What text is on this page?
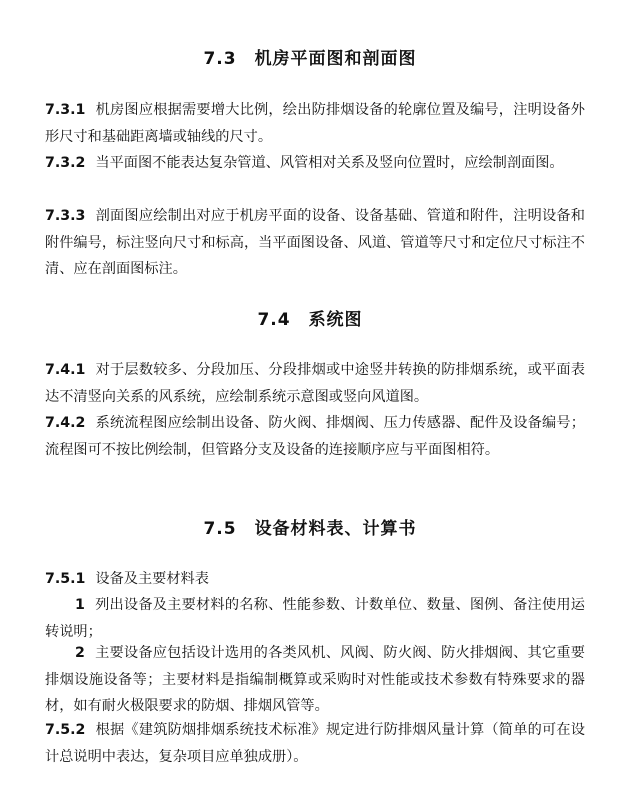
7.3 机房平面图和剖面图

7.3.1 机房图应根据需要增大比例，绘出防排烟设备的轮廓位置及编号，注明设备外形尺寸和基础距离墙或轴线的尺寸。

7.3.2 当平面图不能表达复杂管道、风管相对关系及竖向位置时，应绘制剖面图。

7.3.3 剖面图应绘制出对应于机房平面的设备、设备基础、管道和附件，注明设备和附件编号，标注竖向尺寸和标高，当平面图设备、风道、管道等尺寸和定位尺寸标注不清、应在剖面图标注。

7.4 系统图

7.4.1 对于层数较多、分段加压、分段排烟或中途竖井转换的防排烟系统，或平面表达不清竖向关系的风系统，应绘制系统示意图或竖向风道图。

7.4.2 系统流程图应绘制出设备、防火阀、排烟阀、压力传感器、配件及设备编号；流程图可不按比例绘制，但管路分支及设备的连接顺序应与平面图相符。

7.5 设备材料表、计算书

7.5.1 设备及主要材料表

1 列出设备及主要材料的名称、性能参数、计数单位、数量、图例、备注使用运转说明；

2 主要设备应包括设计选用的各类风机、风阀、防火阀、防火排烟阀、其它重要排烟设施设备等；主要材料是指编制概算或采购时对性能或技术参数有特殊要求的器材，如有耐火极限要求的防烟、排烟风管等。

7.5.2 根据《建筑防烟排烟系统技术标准》规定进行防排烟风量计算（简单的可在设计总说明中表达，复杂项目应单独成册）。
